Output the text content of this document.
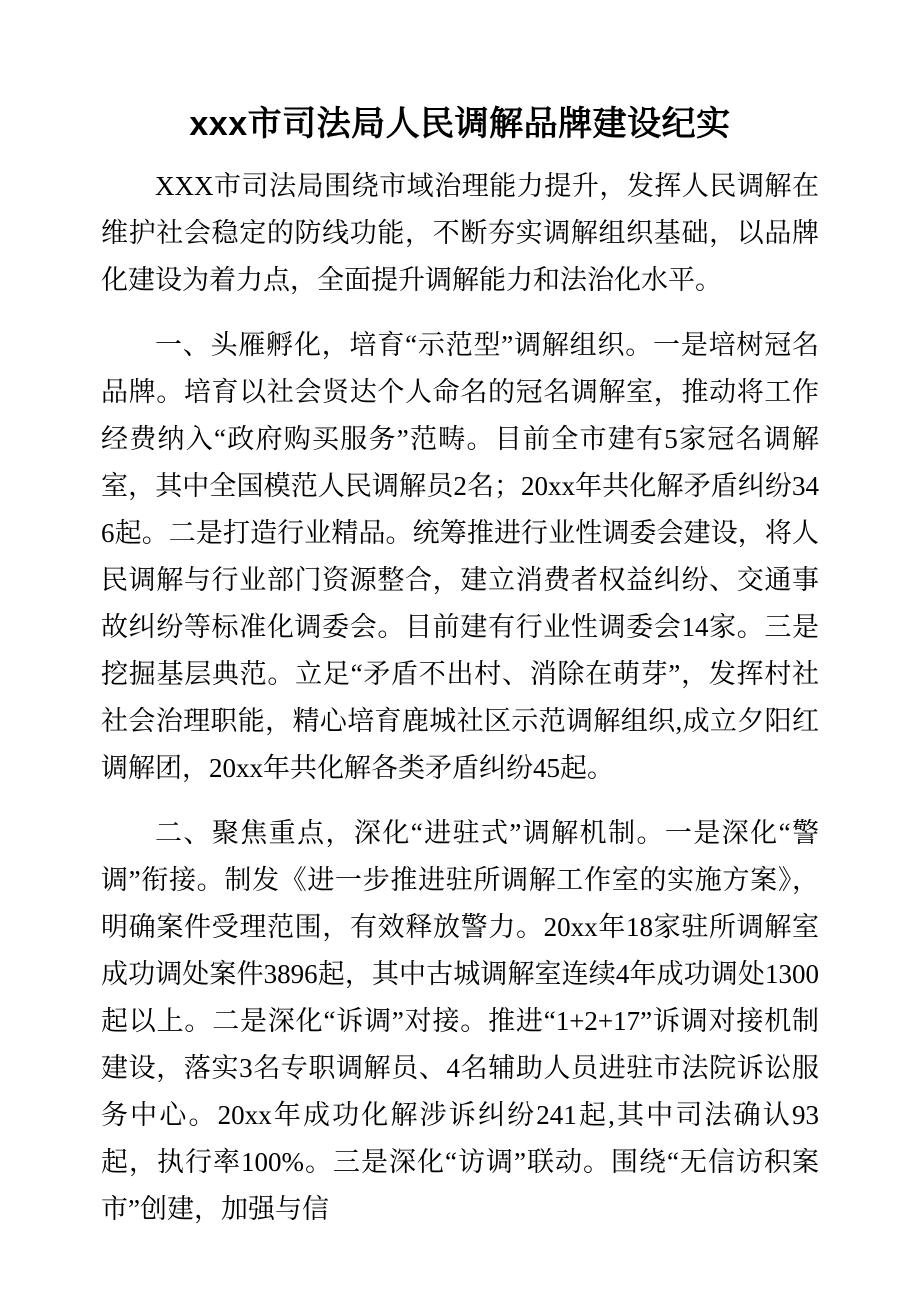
xxx市司法局人民调解品牌建设纪实

XXX市司法局围绕市域治理能力提升，发挥人民调解在维护社会稳定的防线功能，不断夯实调解组织基础，以品牌化建设为着力点，全面提升调解能力和法治化水平。

一、头雁孵化，培育“示范型”调解组织。一是培树冠名品牌。培育以社会贤达个人命名的冠名调解室，推动将工作经费纳入“政府购买服务”范畴。目前全市建有5家冠名调解室，其中全国模范人民调解员2名；20xx年共化解矛盾纠纷346起。二是打造行业精品。统筹推进行业性调委会建设，将人民调解与行业部门资源整合，建立消费者权益纠纷、交通事故纠纷等标准化调委会。目前建有行业性调委会14家。三是挖掘基层典范。立足“矛盾不出村、消除在萌芽”，发挥村社社会治理职能，精心培育鹿城社区示范调解组织,成立夕阳红调解团，20xx年共化解各类矛盾纠纷45起。

二、聚焦重点，深化“进驻式”调解机制。一是深化“警调”衔接。制发《进一步推进驻所调解工作室的实施方案》，明确案件受理范围，有效释放警力。20xx年18家驻所调解室成功调处案件3896起，其中古城调解室连续4年成功调处1300起以上。二是深化“诉调”对接。推进“1+2+17”诉调对接机制建设，落实3名专职调解员、4名辅助人员进驻市法院诉讼服务中心。20xx年成功化解涉诉纠纷241起,其中司法确认93起，执行率100%。三是深化“访调”联动。围绕“无信访积案市”创建，加强与信
